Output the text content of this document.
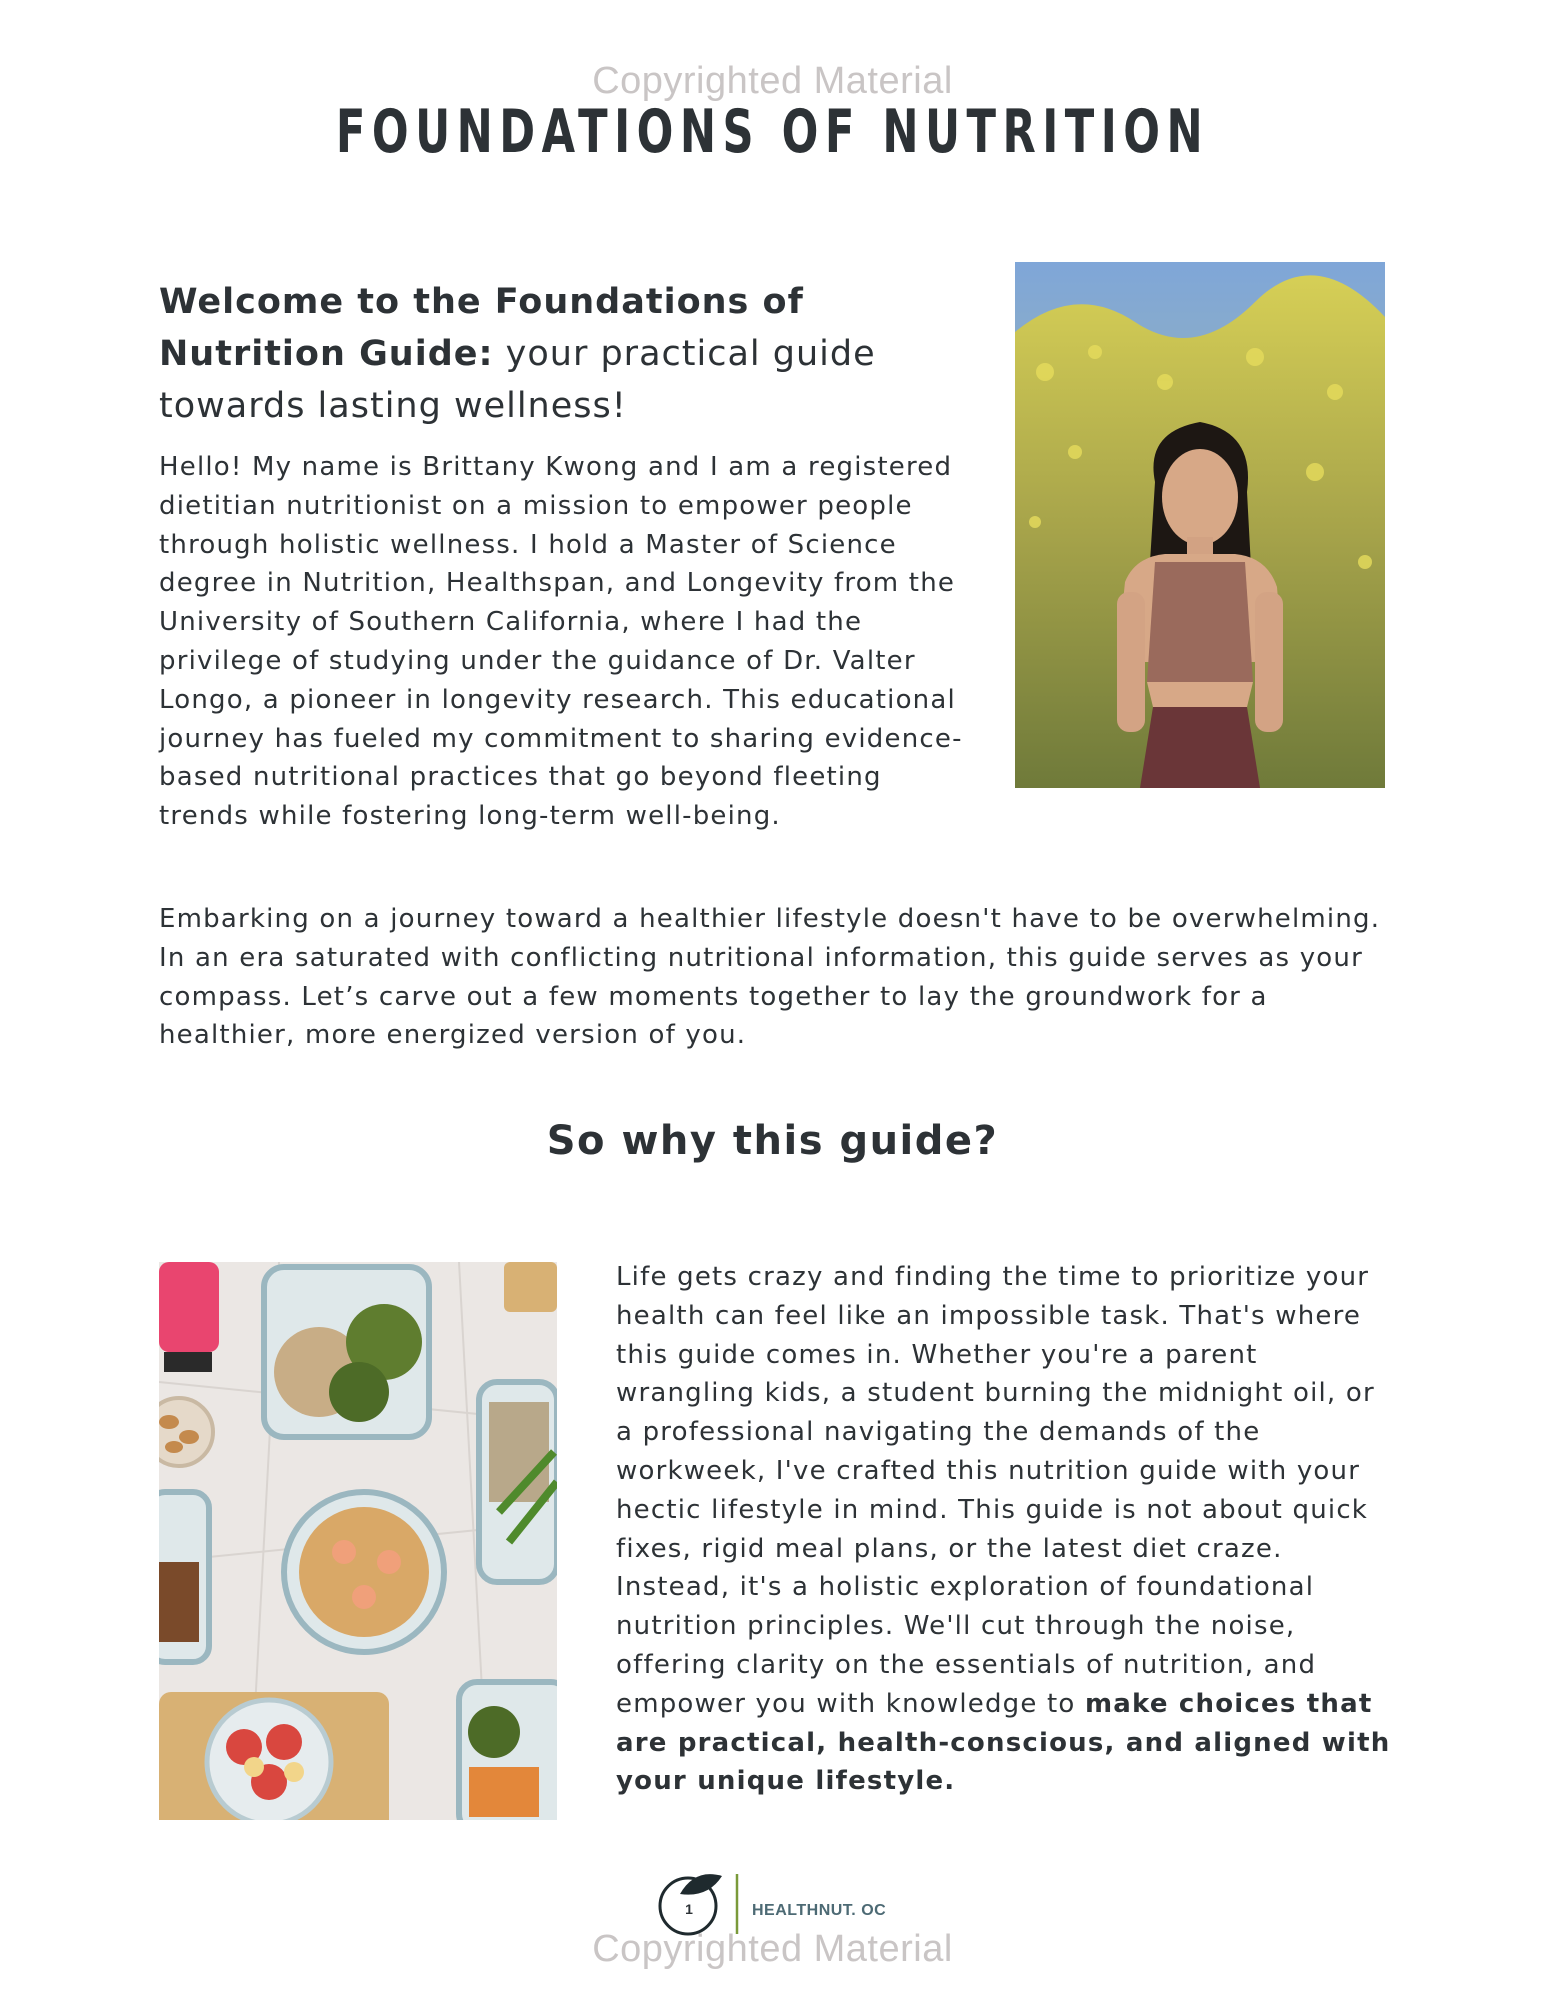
Copyrighted Material
FOUNDATIONS OF NUTRITION
Welcome to the Foundations of Nutrition Guide: your practical guide towards lasting wellness!
Hello! My name is Brittany Kwong and I am a registered dietitian nutritionist on a mission to empower people through holistic wellness. I hold a Master of Science degree in Nutrition, Healthspan, and Longevity from the University of Southern California, where I had the privilege of studying under the guidance of Dr. Valter Longo, a pioneer in longevity research. This educational journey has fueled my commitment to sharing evidence-based nutritional practices that go beyond fleeting trends while fostering long-term well-being.
Embarking on a journey toward a healthier lifestyle doesn't have to be overwhelming. In an era saturated with conflicting nutritional information, this guide serves as your compass. Let’s carve out a few moments together to lay the groundwork for a healthier, more energized version of you.
So why this guide?
Life gets crazy and finding the time to prioritize your health can feel like an impossible task. That's where this guide comes in. Whether you're a parent wrangling kids, a student burning the midnight oil, or a professional navigating the demands of the workweek, I've crafted this nutrition guide with your hectic lifestyle in mind. This guide is not about quick fixes, rigid meal plans, or the latest diet craze. Instead, it's a holistic exploration of foundational nutrition principles. We'll cut through the noise, offering clarity on the essentials of nutrition, and empower you with knowledge to make choices that are practical, health-conscious, and aligned with your unique lifestyle.
1	HEALTHNUT. OC
Copyrighted Material
